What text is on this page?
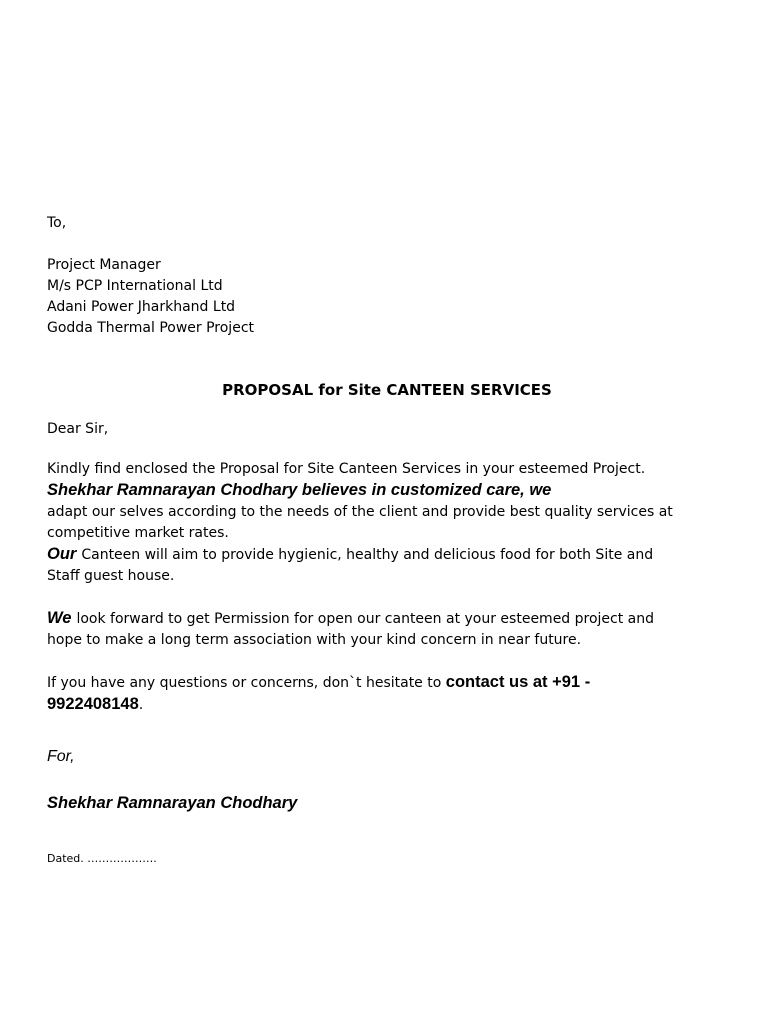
To,
Project Manager
M/s PCP International Ltd
Adani Power Jharkhand Ltd
Godda Thermal Power Project
PROPOSAL for Site CANTEEN SERVICES
Dear Sir,
Kindly find enclosed the Proposal for Site Canteen Services in your esteemed Project.
Shekhar Ramnarayan Chodhary believes in customized care, we
adapt our selves according to the needs of the client and provide best quality services at
competitive market rates.
Our Canteen will aim to provide hygienic, healthy and delicious food for both Site and
Staff guest house.
We look forward to get Permission for open our canteen at your esteemed project and
hope to make a long term association with your kind concern in near future.
If you have any questions or concerns, don`t hesitate to contact us at +91 -
9922408148.
For,
Shekhar Ramnarayan Chodhary
Dated. ……………….
